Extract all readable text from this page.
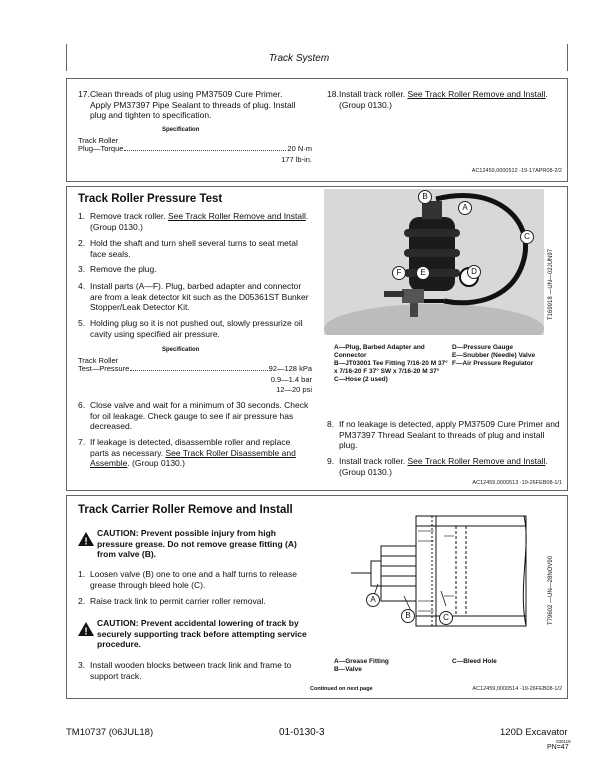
Track System
17. Clean threads of plug using PM37509 Cure Primer. Apply PM37397 Pipe Sealant to threads of plug. Install plug and tighten to specification.
Specification
Track Roller
Plug—Torque	20 N·m
177 lb-in.
18. Install track roller. See Track Roller Remove and Install. (Group 0130.)
AC12459,0000512 -19-17APR08-2/2
Track Roller Pressure Test
1. Remove track roller. See Track Roller Remove and Install. (Group 0130.)
2. Hold the shaft and turn shell several turns to seat metal face seals.
3. Remove the plug.
4. Install parts (A—F). Plug, barbed adapter and connector are from a leak detector kit such as the D05361ST Bunker Stopper/Leak Detector Kit.
5. Holding plug so it is not pushed out, slowly pressurize oil cavity using specified air pressure.
Specification
Track Roller
Test—Pressure	92—128 kPa
0.9—1.4 bar
12—20 psi
6. Close valve and wait for a minimum of 30 seconds. Check for oil leakage. Check gauge to see if air pressure has decreased.
7. If leakage is detected, disassemble roller and replace parts as necessary. See Track Roller Disassemble and Assemble. (Group 0130.)
B
A
C
F	E	D	T169918 —UN—02JUN97
A—Plug, Barbed Adapter and Connector
B—JT03001 Tee Fitting 7/16-20 M 37° x 7/16-20 F 37° SW x 7/16-20 M 37°
C—Hose (2 used)
D—Pressure Gauge
E—Snubber (Needle) Valve
F—Air Pressure Regulator
8. If no leakage is detected, apply PM37509 Cure Primer and PM37397 Thread Sealant to threads of plug and install plug.
9. Install track roller. See Track Roller Remove and Install. (Group 0130.)
AC12459,0000513 -19-26FEB08-1/1
Track Carrier Roller Remove and Install
!
CAUTION: Prevent possible injury from high pressure grease. Do not remove grease fitting (A) from valve (B).
1. Loosen valve (B) one to one and a half turns to release grease through bleed hole (C).
2. Raise track link to permit carrier roller removal.
!
CAUTION: Prevent accidental lowering of track by securely supporting track before attempting service procedure.
3. Install wooden blocks between track link and frame to support track.
A
B	C	T79602 —UN—28NOV90
A—Grease Fitting
B—Valve
C—Bleed Hole
Continued on next page	AC12459,0000514 -19-26FEB08-1/2
TM10737 (06JUL18)	01-0130-3	120D Excavator
030118
PN=47
